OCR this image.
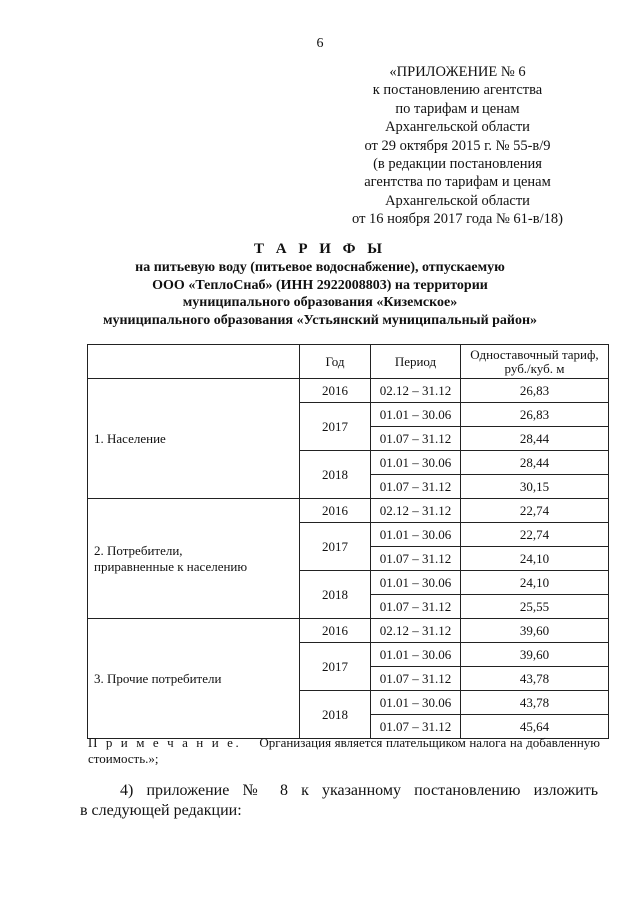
6
«ПРИЛОЖЕНИЕ № 6
к постановлению агентства
по тарифам и ценам
Архангельской области
от 29 октября 2015 г. № 55-в/9
(в редакции постановления
агентства по тарифам и ценам
Архангельской области
от 16 ноября 2017 года № 61-в/18)
Т А Р И Ф Ы
на питьевую воду (питьевое водоснабжение), отпускаемую
ООО «ТеплоСнаб» (ИНН 2922008803) на территории
муниципального образования «Киземское»
муниципального образования «Устьянский муниципальный район»
	Год	Период	Одноставочный тариф,
руб./куб. м

1. Население	2016	02.12 – 31.12	26,83
	2017	01.01 – 30.06	26,83
		01.07 – 31.12	28,44
	2018	01.01 – 30.06	28,44
		01.07 – 31.12	30,15

2. Потребители,
приравненные к населению	2016	02.12 – 31.12	22,74
	2017	01.01 – 30.06	22,74
		01.07 – 31.12	24,10
	2018	01.01 – 30.06	24,10
		01.07 – 31.12	25,55

3. Прочие потребители	2016	02.12 – 31.12	39,60
	2017	01.01 – 30.06	39,60
		01.07 – 31.12	43,78
	2018	01.01 – 30.06	43,78
		01.07 – 31.12	45,64
П р и м е ч а н и е. Организация является плательщиком налога на добавленную
стоимость.»;
4) приложение № 8 к указанному постановлению изложить
в следующей редакции:
